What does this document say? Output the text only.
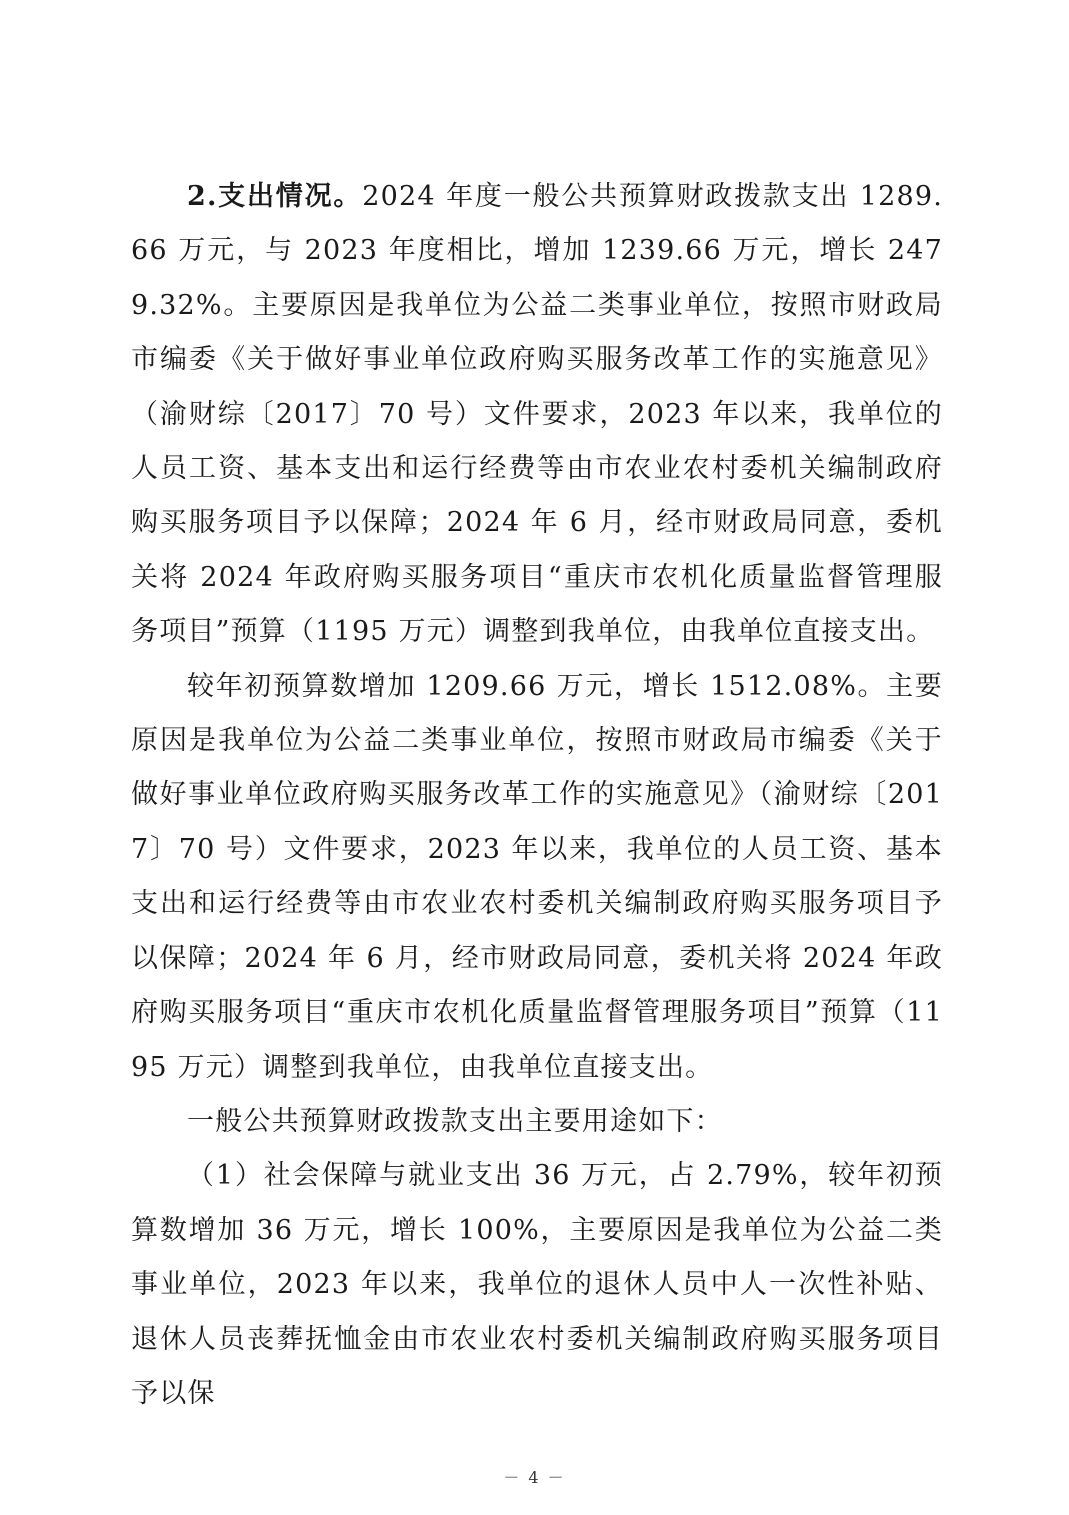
2.支出情况。2024 年度一般公共预算财政拨款支出 1289.66 万元，与 2023 年度相比，增加 1239.66 万元，增长 2479.32%。主要原因是我单位为公益二类事业单位，按照市财政局市编委《关于做好事业单位政府购买服务改革工作的实施意见》（渝财综〔2017〕70 号）文件要求，2023 年以来，我单位的人员工资、基本支出和运行经费等由市农业农村委机关编制政府购买服务项目予以保障；2024 年 6 月，经市财政局同意，委机关将 2024 年政府购买服务项目“重庆市农机化质量监督管理服务项目”预算（1195 万元）调整到我单位，由我单位直接支出。

较年初预算数增加 1209.66 万元，增长 1512.08%。主要原因是我单位为公益二类事业单位，按照市财政局市编委《关于做好事业单位政府购买服务改革工作的实施意见》（渝财综〔2017〕70 号）文件要求，2023 年以来，我单位的人员工资、基本支出和运行经费等由市农业农村委机关编制政府购买服务项目予以保障；2024 年 6 月，经市财政局同意，委机关将 2024 年政府购买服务项目“重庆市农机化质量监督管理服务项目”预算（1195 万元）调整到我单位，由我单位直接支出。

一般公共预算财政拨款支出主要用途如下：

（1）社会保障与就业支出 36 万元，占 2.79%，较年初预算数增加 36 万元，增长 100%，主要原因是我单位为公益二类事业单位，2023 年以来，我单位的退休人员中人一次性补贴、退休人员丧葬抚恤金由市农业农村委机关编制政府购买服务项目予以保

－ 4 －
